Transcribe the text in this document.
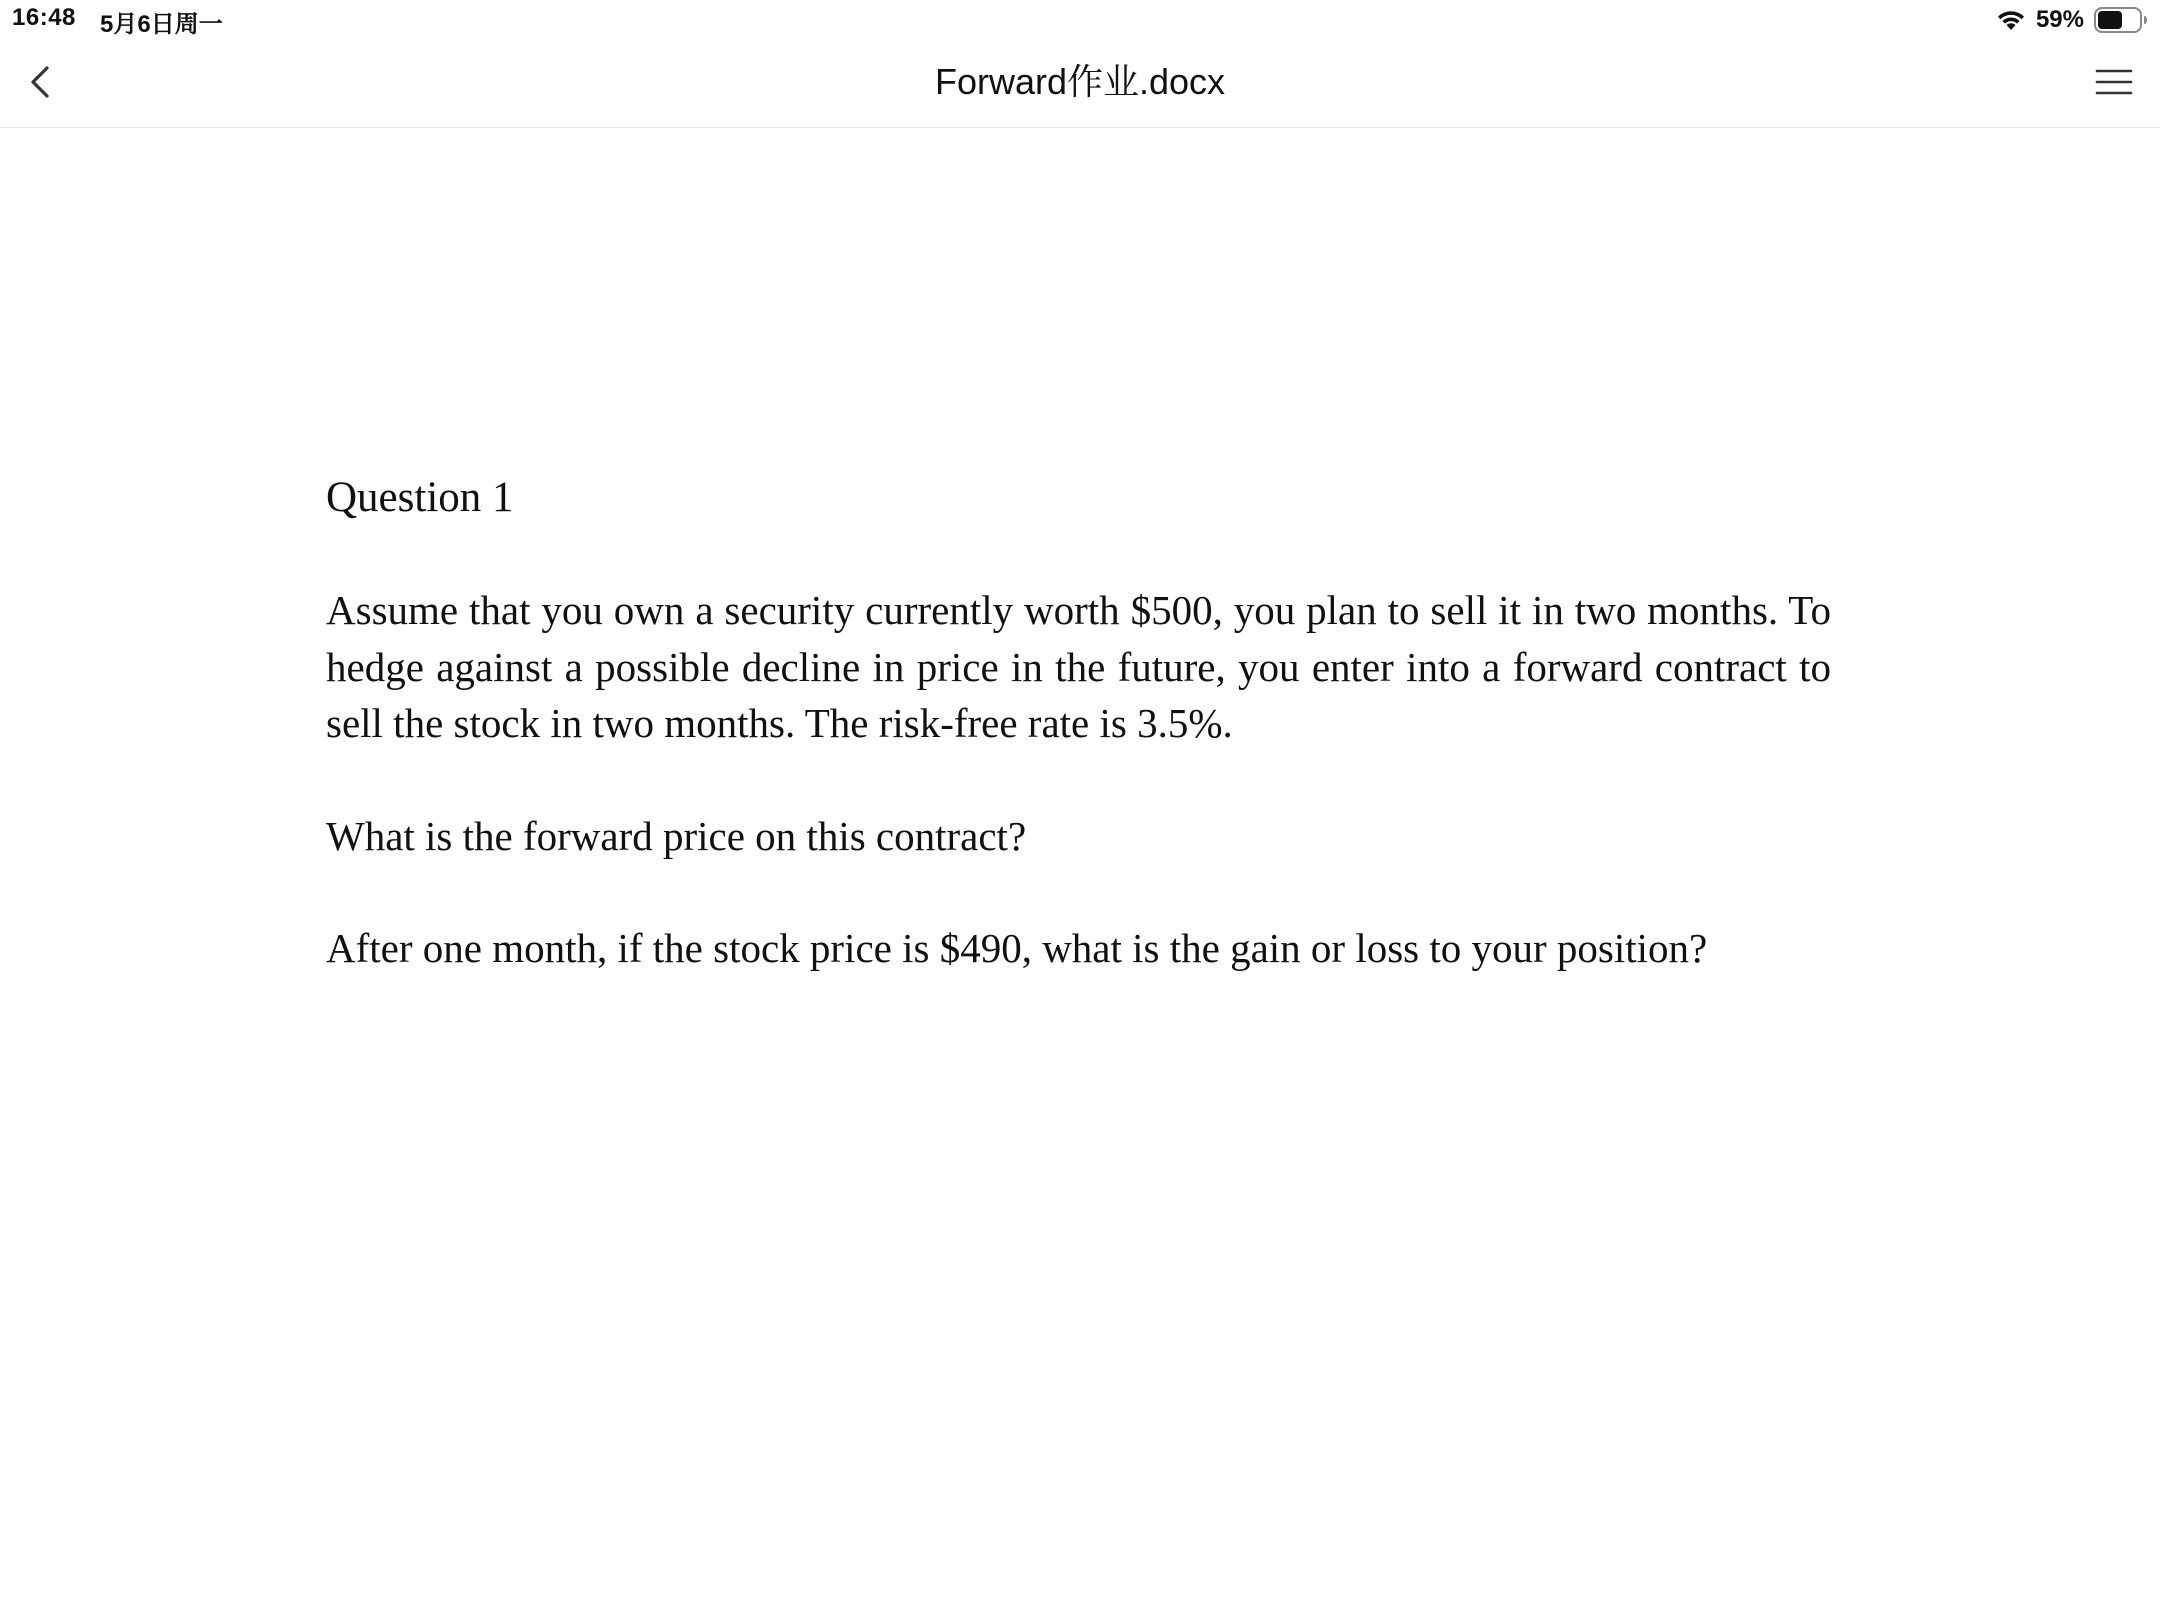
16:48 5月6日周一	59%
Forward作业.docx
Question 1

Assume that you own a security currently worth $500, you plan to sell it in two months. To hedge against a possible decline in price in the future, you enter into a forward contract to sell the stock in two months. The risk-free rate is 3.5%.

What is the forward price on this contract?

After one month, if the stock price is $490, what is the gain or loss to your position?
